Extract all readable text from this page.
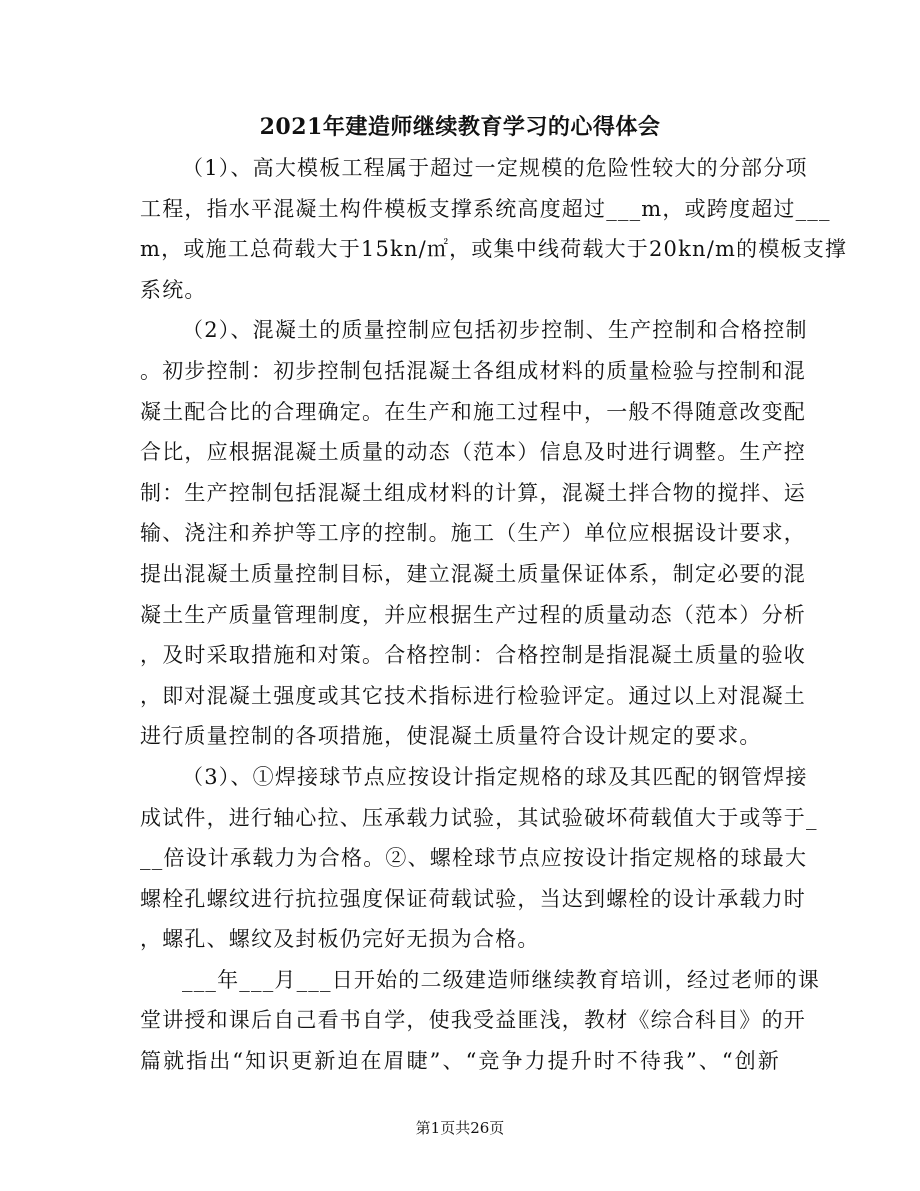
2021年建造师继续教育学习的心得体会
（1）、高大模板工程属于超过一定规模的危险性较大的分部分项
工程，指水平混凝土构件模板支撑系统高度超过___m，或跨度超过___
m，或施工总荷载大于15kn/㎡，或集中线荷载大于20kn/m的模板支撑
系统。
（2）、混凝土的质量控制应包括初步控制、生产控制和合格控制
。初步控制：初步控制包括混凝土各组成材料的质量检验与控制和混
凝土配合比的合理确定。在生产和施工过程中，一般不得随意改变配
合比，应根据混凝土质量的动态（范本）信息及时进行调整。生产控
制：生产控制包括混凝土组成材料的计算，混凝土拌合物的搅拌、运
输、浇注和养护等工序的控制。施工（生产）单位应根据设计要求，
提出混凝土质量控制目标，建立混凝土质量保证体系，制定必要的混
凝土生产质量管理制度，并应根据生产过程的质量动态（范本）分析
，及时采取措施和对策。合格控制：合格控制是指混凝土质量的验收
，即对混凝土强度或其它技术指标进行检验评定。通过以上对混凝土
进行质量控制的各项措施，使混凝土质量符合设计规定的要求。
（3）、①焊接球节点应按设计指定规格的球及其匹配的钢管焊接
成试件，进行轴心拉、压承载力试验，其试验破坏荷载值大于或等于_
__倍设计承载力为合格。②、螺栓球节点应按设计指定规格的球最大
螺栓孔螺纹进行抗拉强度保证荷载试验，当达到螺栓的设计承载力时
，螺孔、螺纹及封板仍完好无损为合格。
___年___月___日开始的二级建造师继续教育培训，经过老师的课
堂讲授和课后自己看书自学，使我受益匪浅，教材《综合科目》的开
篇就指出“知识更新迫在眉睫”、“竞争力提升时不待我”、“创新
第1页共26页
